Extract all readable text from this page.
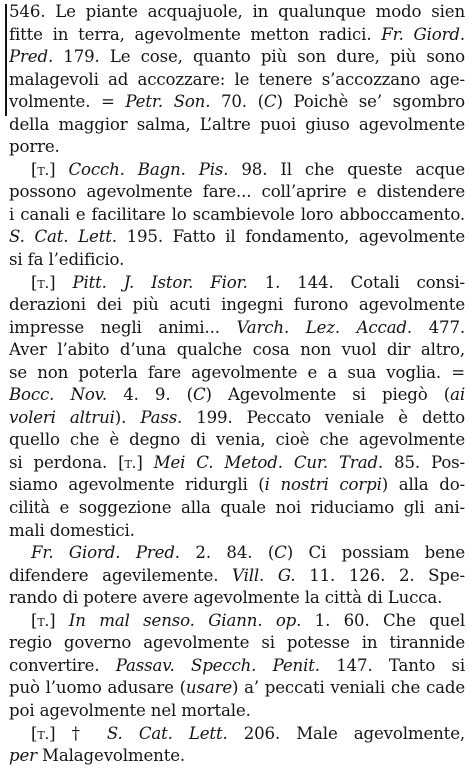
546. Le piante acquajuole, in qualunque modo sien
fitte in terra, agevolmente metton radici. Fr. Giord.
Pred. 179. Le cose, quanto più son dure, più sono
malagevoli ad accozzare: le tenere s’accozzano age-
volmente. = Petr. Son. 70. (C) Poichè se’ sgombro
della maggior salma, L’altre puoi giuso agevolmente
porre.
[t.] Cocch. Bagn. Pis. 98. Il che queste acque
possono agevolmente fare... coll’aprire e distendere
i canali e facilitare lo scambievole loro abboccamento.
S. Cat. Lett. 195. Fatto il fondamento, agevolmente
si fa l’edificio.
[t.] Pitt. J. Istor. Fior. 1. 144. Cotali consi-
derazioni dei più acuti ingegni furono agevolmente
impresse negli animi... Varch. Lez. Accad. 477.
Aver l’abito d’una qualche cosa non vuol dir altro,
se non poterla fare agevolmente e a sua voglia. =
Bocc. Nov. 4. 9. (C) Agevolmente si piegò (ai
voleri altrui). Pass. 199. Peccato veniale è detto
quello che è degno di venia, cioè che agevolmente
si perdona. [t.] Mei C. Metod. Cur. Trad. 85. Pos-
siamo agevolmente ridurgli (i nostri corpi) alla do-
cilità e soggezione alla quale noi riduciamo gli ani-
mali domestici.
Fr. Giord. Pred. 2. 84. (C) Ci possiam bene
difendere agevilemente. Vill. G. 11. 126. 2. Spe-
rando di potere avere agevolmente la città di Lucca.
[t.] In mal senso. Giann. op. 1. 60. Che quel
regio governo agevolmente si potesse in tirannide
convertire. Passav. Specch. Penit. 147. Tanto si
può l’uomo adusare (usare) a’ peccati veniali che cade
poi agevolmente nel mortale.
[t.] † S. Cat. Lett. 206. Male agevolmente,
per Malagevolmente.
